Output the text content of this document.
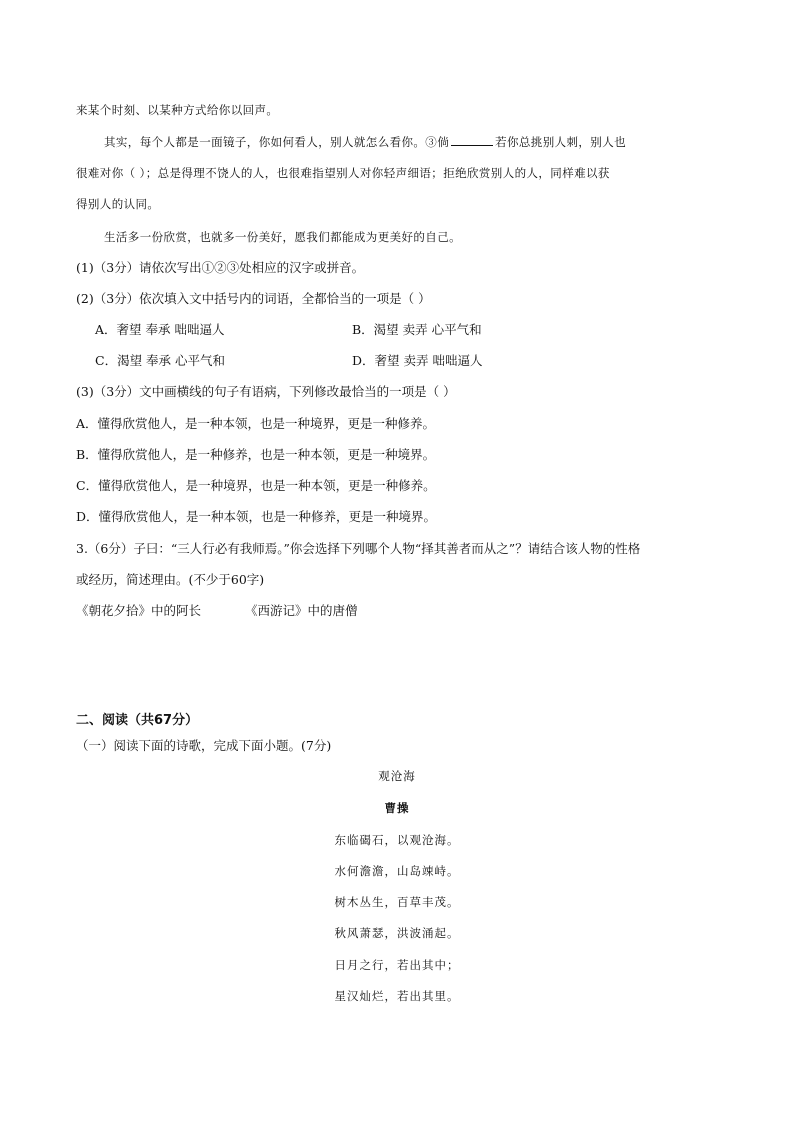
来某个时刻、以某种方式给你以回声。
其实，每个人都是一面镜子，你如何看人，别人就怎么看你。③倘	若你总挑别人刺，别人也
很难对你（ ）；总是得理不饶人的人，也很难指望别人对你轻声细语；拒绝欣赏别人的人，同样难以获
得别人的认同。
生活多一份欣赏，也就多一份美好，愿我们都能成为更美好的自己。
(1)（3分）请依次写出①②③处相应的汉字或拼音。
(2)（3分）依次填入文中括号内的词语，全都恰当的一项是（ ）
A．奢望 奉承 咄咄逼人	B．渴望 卖弄 心平气和
C．渴望 奉承 心平气和	D．奢望 卖弄 咄咄逼人
(3)（3分）文中画横线的句子有语病，下列修改最恰当的一项是（ ）
A．懂得欣赏他人，是一种本领，也是一种境界，更是一种修养。
B．懂得欣赏他人，是一种修养，也是一种本领，更是一种境界。
C．懂得欣赏他人，是一种境界，也是一种本领，更是一种修养。
D．懂得欣赏他人，是一种本领，也是一种修养，更是一种境界。
3.（6分）子曰：“三人行必有我师焉。”你会选择下列哪个人物“择其善者而从之”？请结合该人物的性格
或经历，简述理由。(不少于60字)
《朝花夕拾》中的阿长	《西游记》中的唐僧
二、阅读（共67分）
（一）阅读下面的诗歌，完成下面小题。(7分)
观沧海
曹操
东临碣石，以观沧海。
水何澹澹，山岛竦峙。
树木丛生，百草丰茂。
秋风萧瑟，洪波涌起。
日月之行，若出其中；
星汉灿烂，若出其里。
